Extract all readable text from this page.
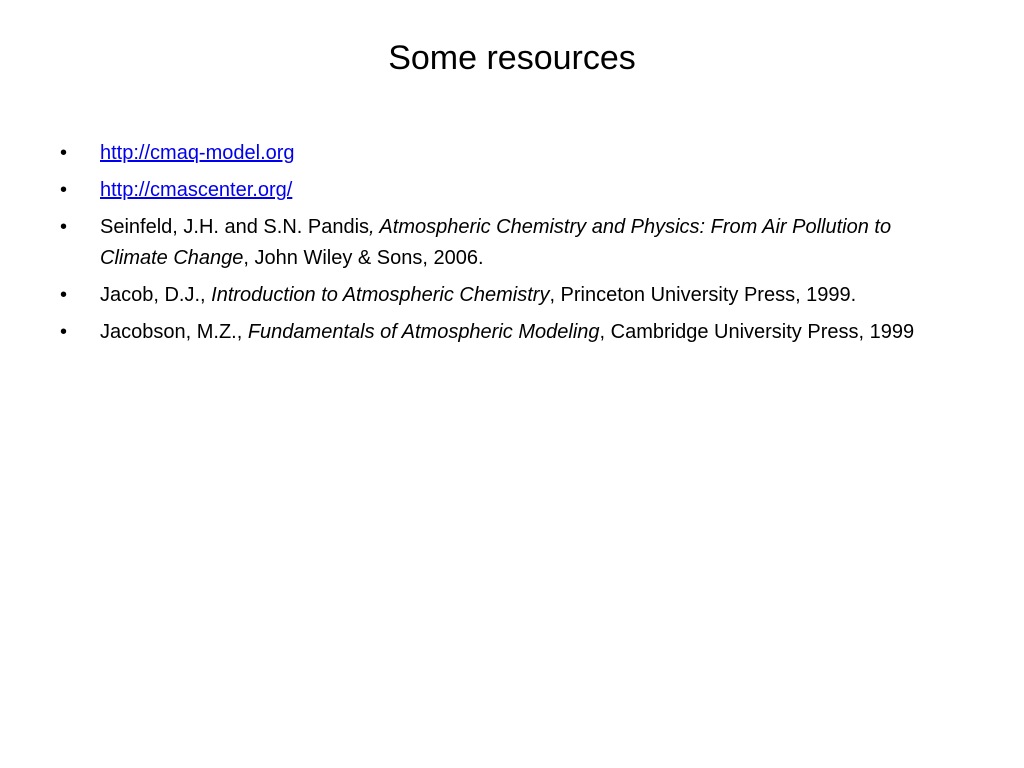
Some resources
• http://cmaq-model.org
• http://cmascenter.org/
• Seinfeld, J.H. and S.N. Pandis, Atmospheric Chemistry and Physics: From Air Pollution to Climate Change, John Wiley & Sons, 2006.
• Jacob, D.J., Introduction to Atmospheric Chemistry, Princeton University Press, 1999.
• Jacobson, M.Z., Fundamentals of Atmospheric Modeling, Cambridge University Press, 1999
